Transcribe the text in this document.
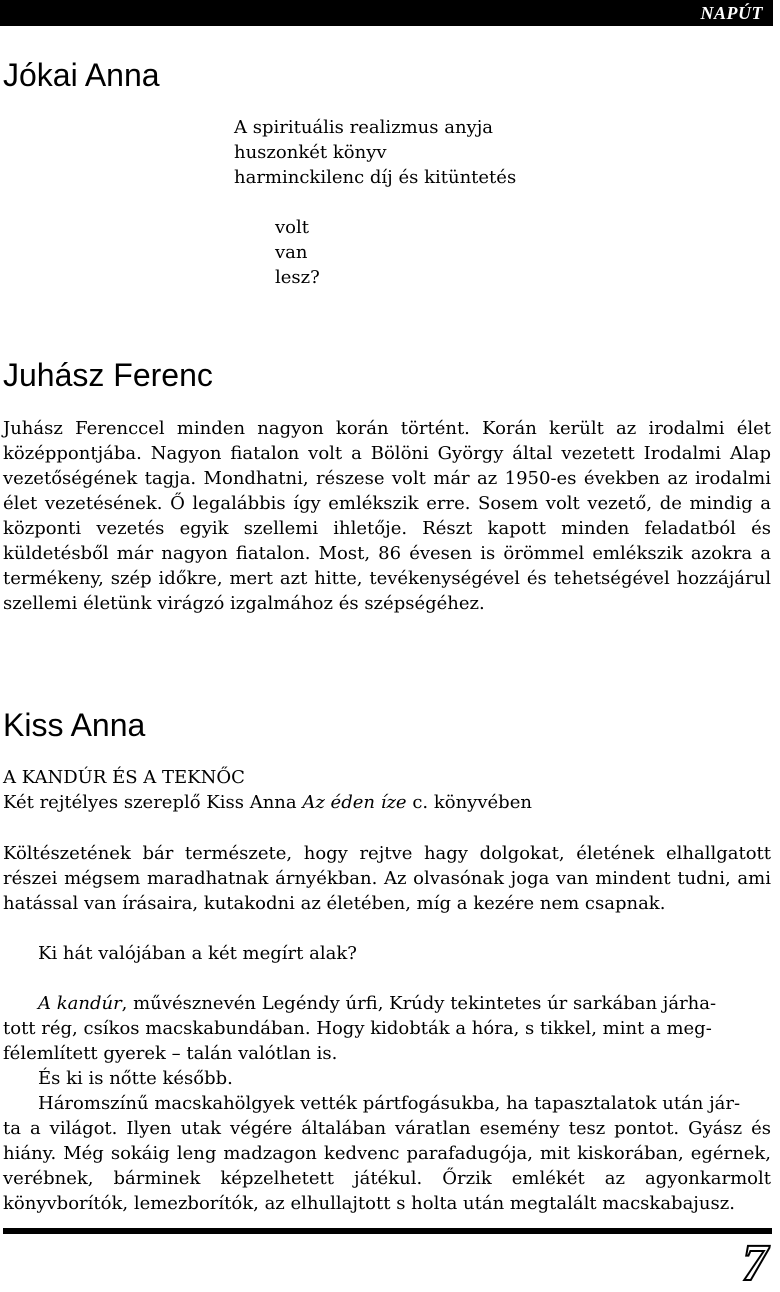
NAPÚT
Jókai Anna
A spirituális realizmus anyja
huszonkét könyv
harminckilenc díj és kitüntetés
volt
van
lesz?
Juhász Ferenc

Juhász Ferenccel minden nagyon korán történt. Korán került az irodalmi élet középpontjába. Nagyon fiatalon volt a Bölöni György által vezetett Irodalmi Alap vezetőségének tagja. Mondhatni, részese volt már az 1950-es években az irodalmi élet vezetésének. Ő legalábbis így emlékszik erre. Sosem volt vezető, de mindig a központi vezetés egyik szellemi ihletője. Részt kapott minden feladatból és küldetésből már nagyon fiatalon. Most, 86 évesen is örömmel emlékszik azokra a termékeny, szép időkre, mert azt hitte, tevékenységével és tehetségével hozzájárul szellemi életünk virágzó izgalmához és szépségéhez.

Kiss Anna
A KANDÚR ÉS A TEKNŐC
Két rejtélyes szereplő Kiss Anna Az éden íze c. könyvében

Költészetének bár természete, hogy rejtve hagy dolgokat, életének elhallgatott részei mégsem maradhatnak árnyékban. Az olvasónak joga van mindent tudni, ami hatással van írásaira, kutakodni az életében, míg a kezére nem csapnak.

Ki hát valójában a két megírt alak?
A kandúr, művésznevén Legéndy úrfi, Krúdy tekintetes úr sarkában járha-
tott rég, csíkos macskabundában. Hogy kidobták a hóra, s tikkel, mint a meg-
félemlített gyerek – talán valótlan is.
És ki is nőtte később.
Háromszínű macskahölgyek vették pártfogásukba, ha tapasztalatok után jár-

ta a világot. Ilyen utak végére általában váratlan esemény tesz pontot. Gyász és hiány. Még sokáig leng madzagon kedvenc parafadugója, mit kiskorában, egérnek, verébnek, bárminek képzelhetett játékul. Őrzik emlékét az agyonkarmolt könyvborítók, lemezborítók, az elhullajtott s holta után megtalált macskabajusz.

7
